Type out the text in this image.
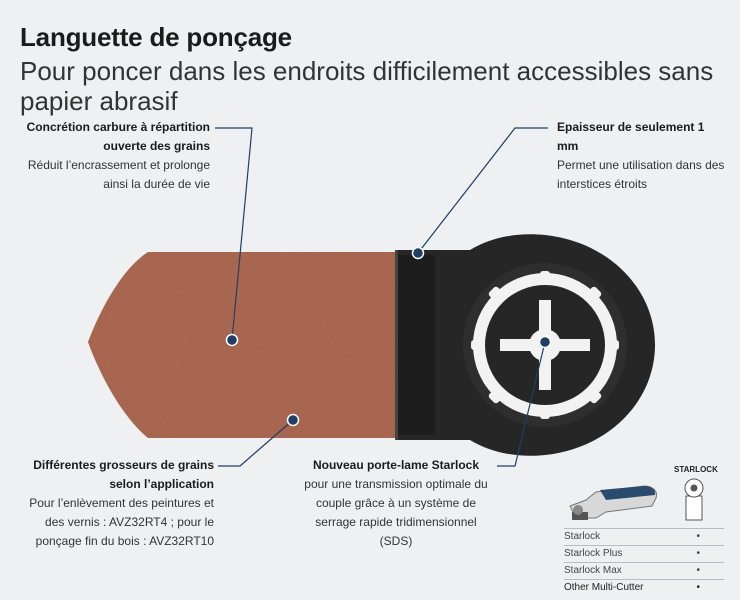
Languette de ponçage
Pour poncer dans les endroits difficilement accessibles sans papier abrasif
Concrétion carbure à répartition ouverte des grains
Réduit l’encrassement et prolonge ainsi la durée de vie
Epaisseur de seulement 1 mm
Permet une utilisation dans des interstices étroits
Différentes grosseurs de grains selon l’application
Pour l’enlèvement des peintures et des vernis : AVZ32RT4 ; pour le ponçage fin du bois : AVZ32RT10
Nouveau porte-lame Starlock
pour une transmission optimale du couple grâce à un système de serrage rapide tridimensionnel (SDS)
STARLOCK
Starlock	•
Starlock Plus	•
Starlock Max	•
Other Multi-Cutter	•
